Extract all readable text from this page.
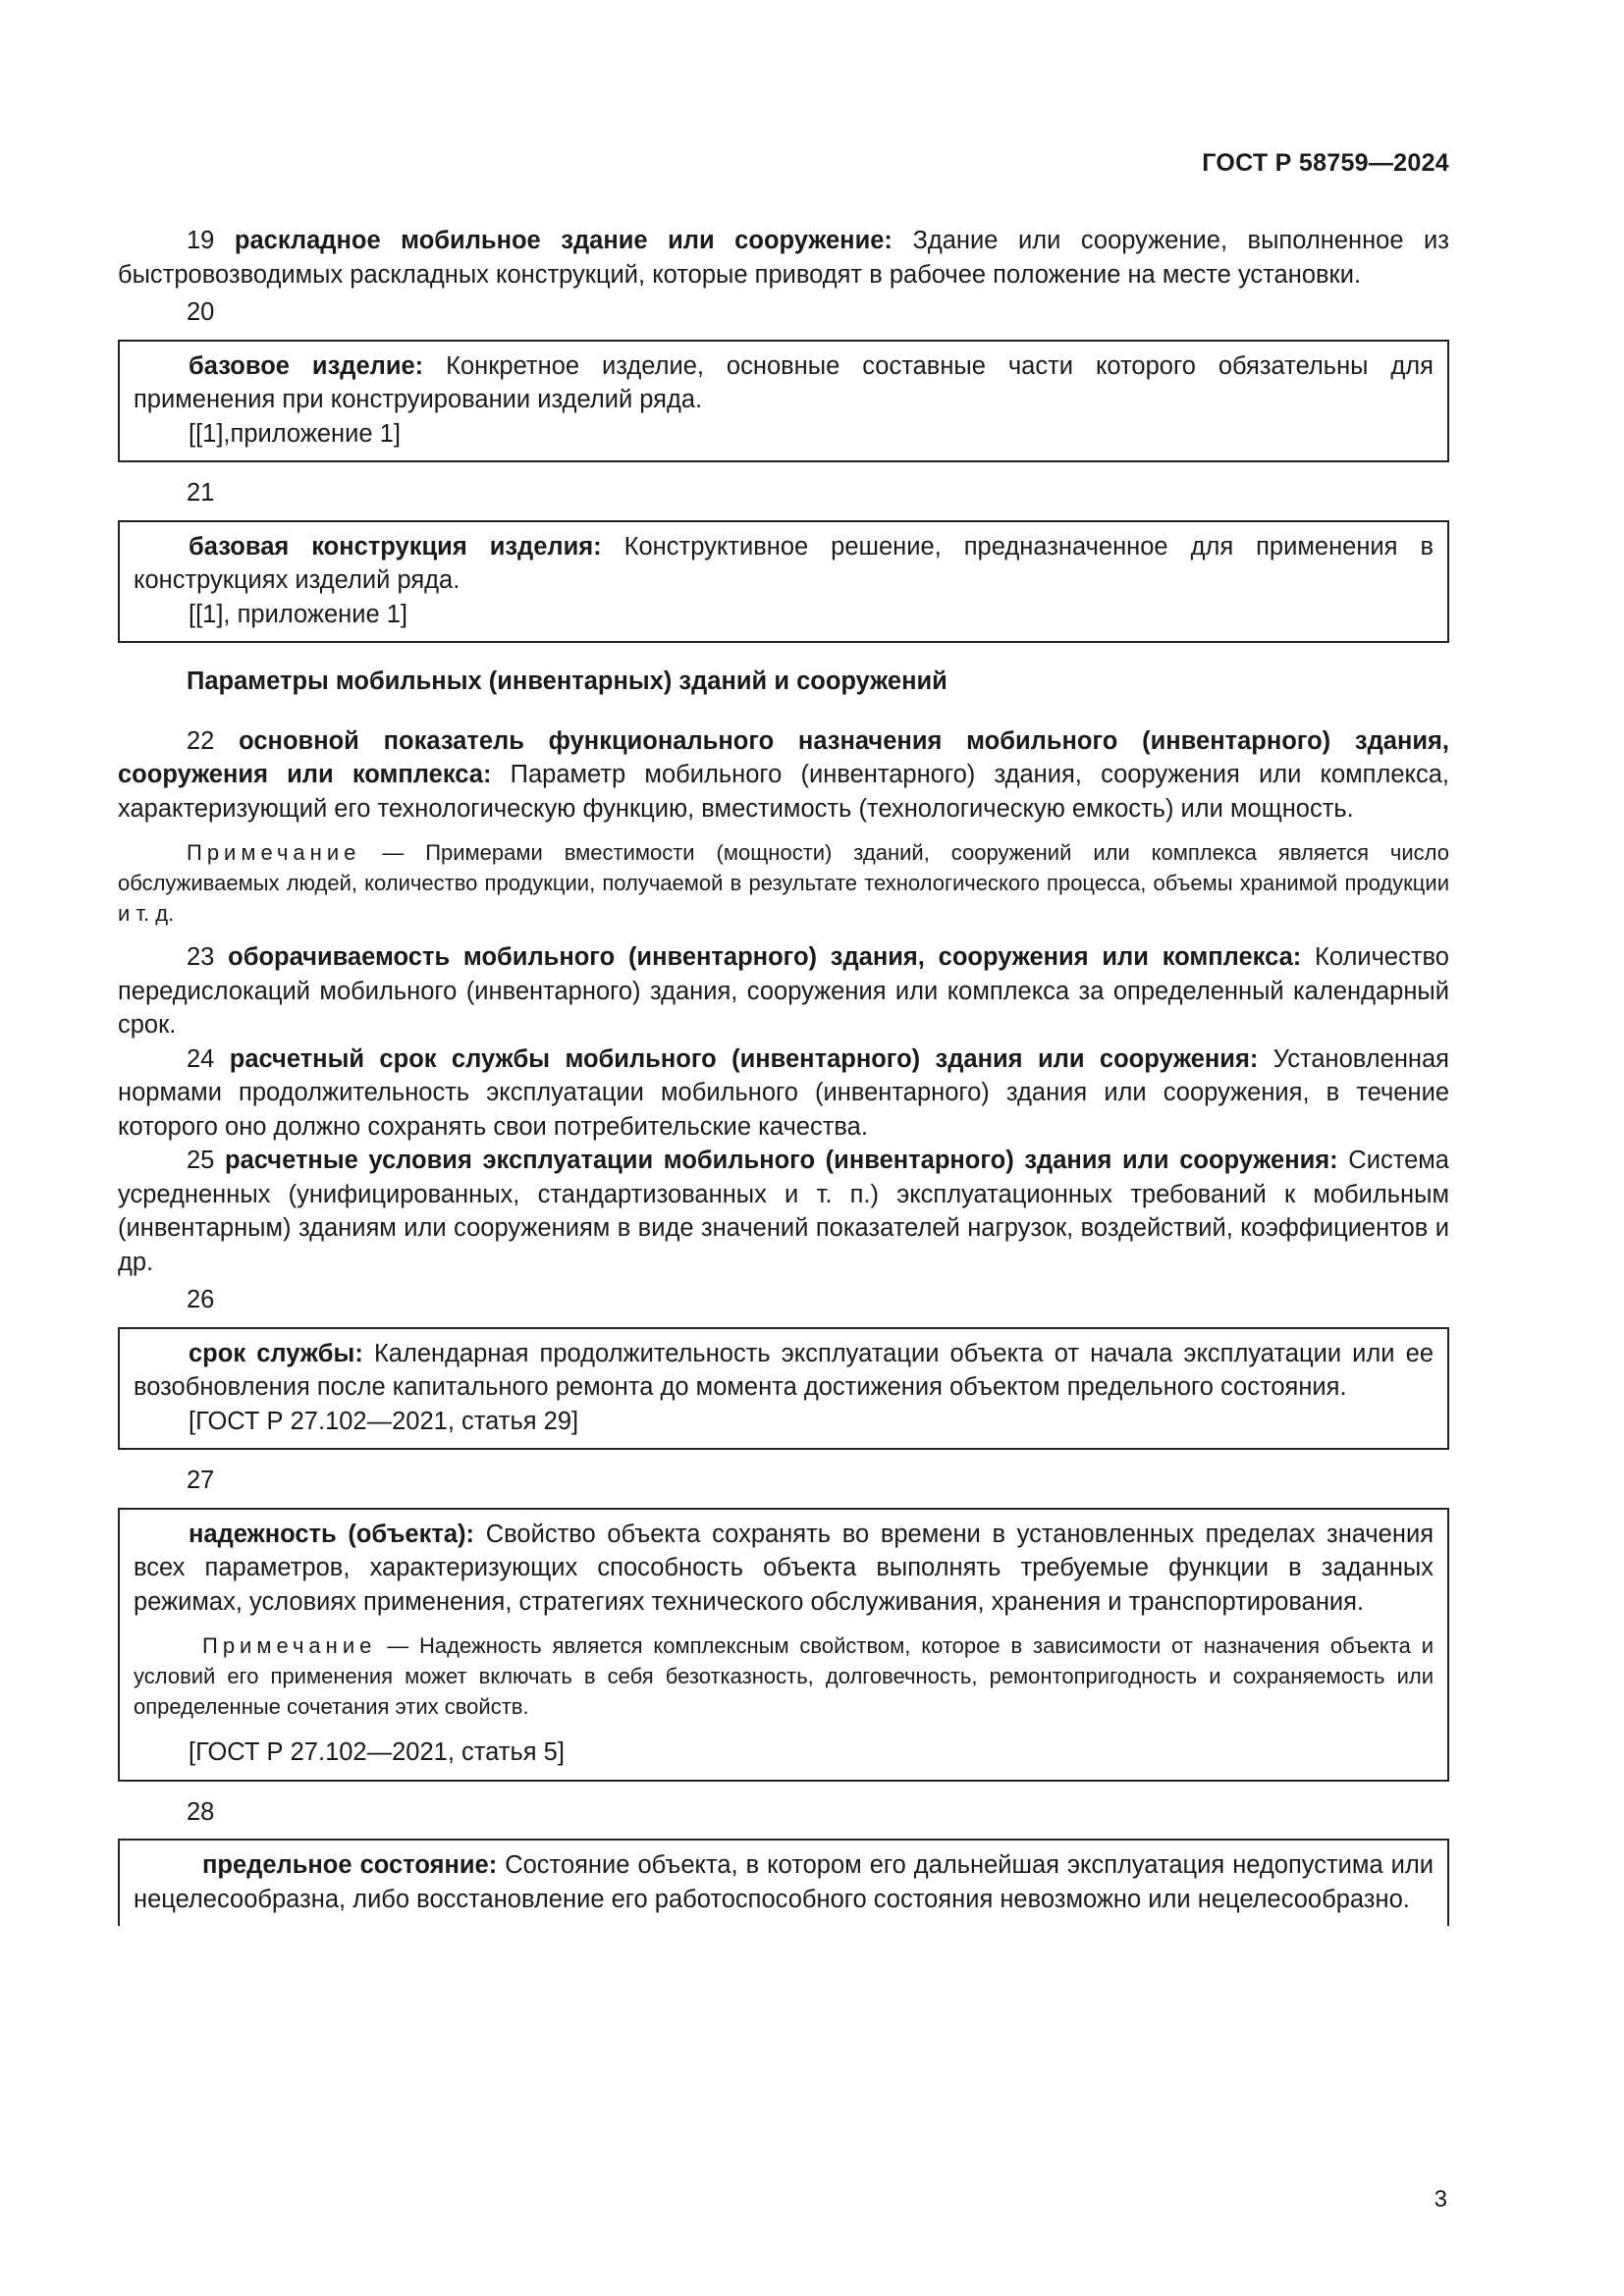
ГОСТ Р 58759—2024

19 раскладное мобильное здание или сооружение: Здание или сооружение, выполненное из быстровозводимых раскладных конструкций, которые приводят в рабочее положение на месте установки.

20

базовое изделие: Конкретное изделие, основные составные части которого обязательны для применения при конструировании изделий ряда.

[[1],приложение 1]
21

базовая конструкция изделия: Конструктивное решение, предназначенное для применения в конструкциях изделий ряда.

[[1], приложение 1]
Параметры мобильных (инвентарных) зданий и сооружений

22 основной показатель функционального назначения мобильного (инвентарного) здания, сооружения или комплекса: Параметр мобильного (инвентарного) здания, сооружения или комплекса, характеризующий его технологическую функцию, вместимость (технологическую емкость) или мощность.

Примечание — Примерами вместимости (мощности) зданий, сооружений или комплекса является число обслуживаемых людей, количество продукции, получаемой в результате технологического процесса, объемы хранимой продукции и т. д.

23 оборачиваемость мобильного (инвентарного) здания, сооружения или комплекса: Количество передислокаций мобильного (инвентарного) здания, сооружения или комплекса за определенный календарный срок.

24 расчетный срок службы мобильного (инвентарного) здания или сооружения: Установленная нормами продолжительность эксплуатации мобильного (инвентарного) здания или сооружения, в течение которого оно должно сохранять свои потребительские качества.

25 расчетные условия эксплуатации мобильного (инвентарного) здания или сооружения: Система усредненных (унифицированных, стандартизованных и т. п.) эксплуатационных требований к мобильным (инвентарным) зданиям или сооружениям в виде значений показателей нагрузок, воздействий, коэффициентов и др.

26

срок службы: Календарная продолжительность эксплуатации объекта от начала эксплуатации или ее возобновления после капитального ремонта до момента достижения объектом предельного состояния.

[ГОСТ Р 27.102—2021, статья 29]
27

надежность (объекта): Свойство объекта сохранять во времени в установленных пределах значения всех параметров, характеризующих способность объекта выполнять требуемые функции в заданных режимах, условиях применения, стратегиях технического обслуживания, хранения и транспортирования.

Примечание — Надежность является комплексным свойством, которое в зависимости от назначения объекта и условий его применения может включать в себя безотказность, долговечность, ремонтопригодность и сохраняемость или определенные сочетания этих свойств.

[ГОСТ Р 27.102—2021, статья 5]
28

предельное состояние: Состояние объекта, в котором его дальнейшая эксплуатация недопустима или нецелесообразна, либо восстановление его работоспособного состояния невозможно или нецелесообразно.

3
